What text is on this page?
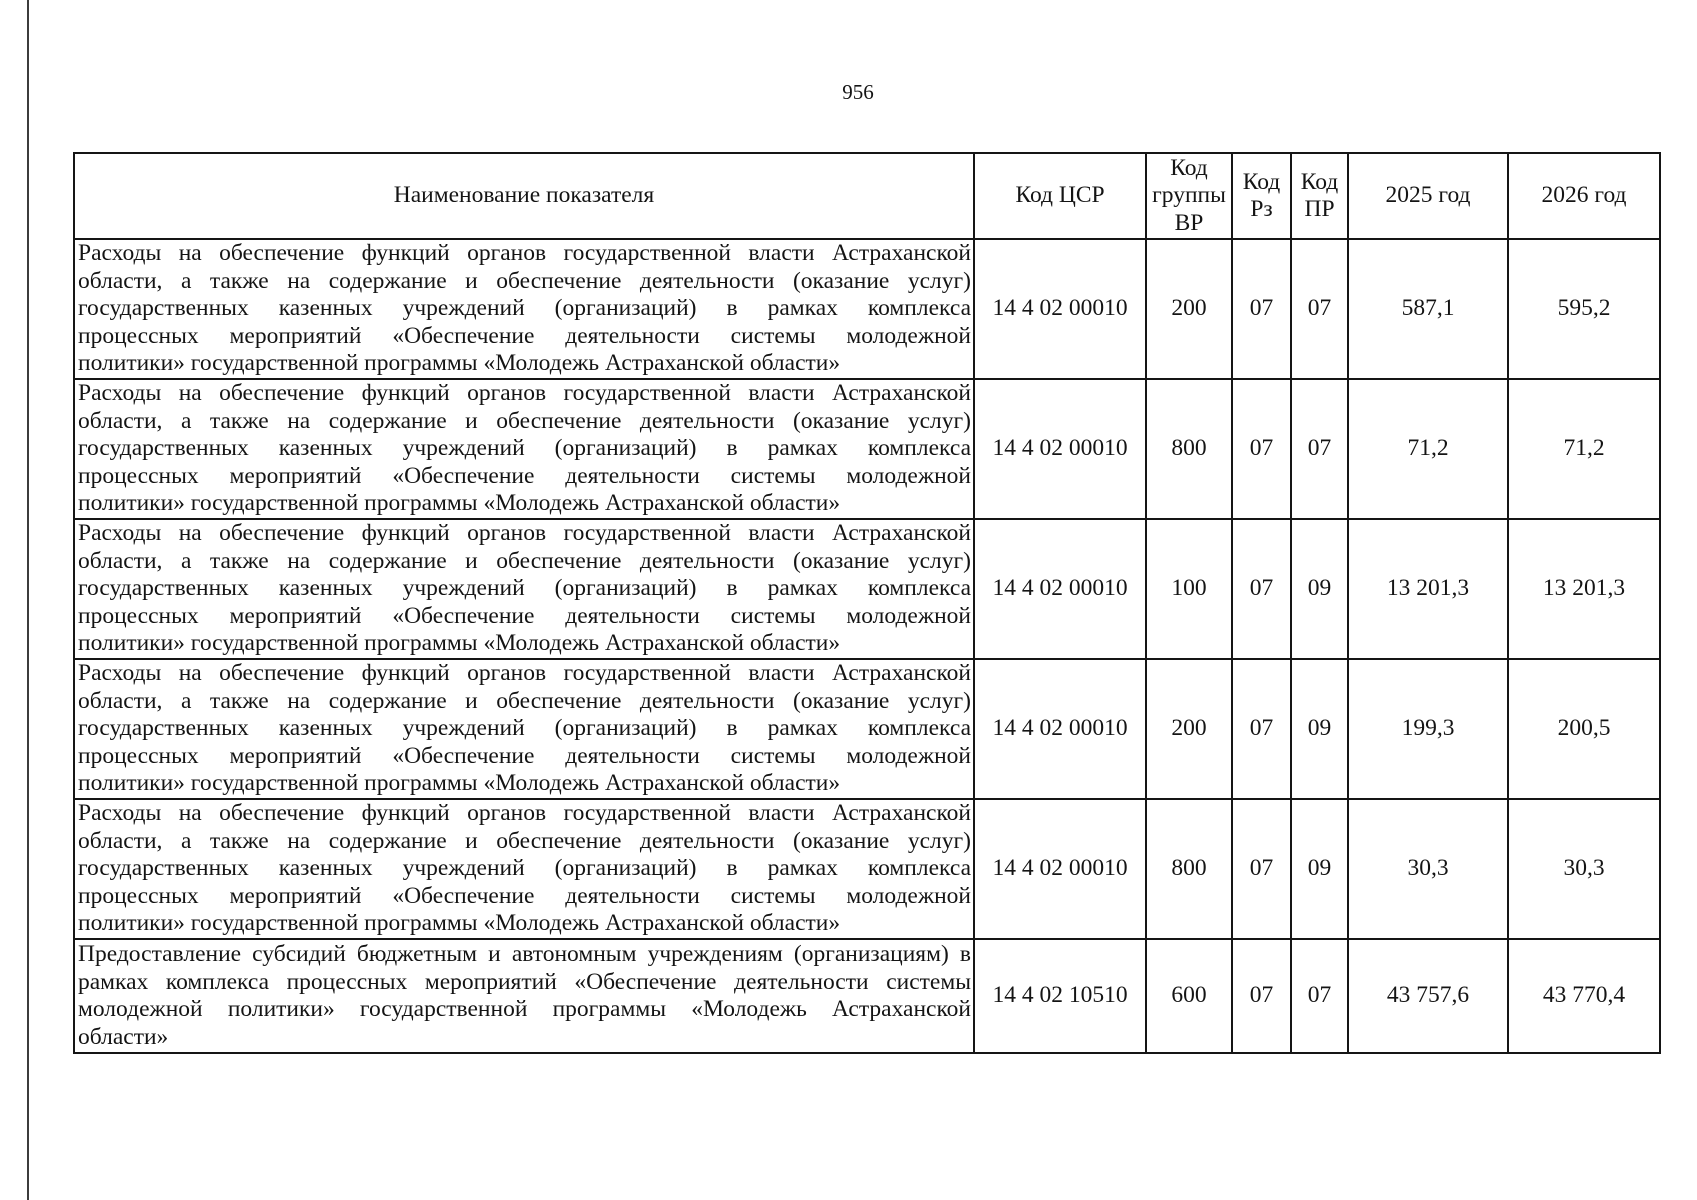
956
Наименование показателя	Код ЦСР	Код группы ВР	Код Рз	Код ПР	2025 год	2026 год

Расходы на обеспечение функций органов государственной власти Астраханской
области, а также на содержание и обеспечение деятельности (оказание услуг)
государственных казенных учреждений (организаций) в рамках комплекса
процессных мероприятий «Обеспечение деятельности системы молодежной
политики» государственной программы «Молодежь Астраханской области»	14 4 02 00010	200	07	07	587,1	595,2

Расходы на обеспечение функций органов государственной власти Астраханской
области, а также на содержание и обеспечение деятельности (оказание услуг)
государственных казенных учреждений (организаций) в рамках комплекса
процессных мероприятий «Обеспечение деятельности системы молодежной
политики» государственной программы «Молодежь Астраханской области»	14 4 02 00010	800	07	07	71,2	71,2

Расходы на обеспечение функций органов государственной власти Астраханской
области, а также на содержание и обеспечение деятельности (оказание услуг)
государственных казенных учреждений (организаций) в рамках комплекса
процессных мероприятий «Обеспечение деятельности системы молодежной
политики» государственной программы «Молодежь Астраханской области»	14 4 02 00010	100	07	09	13 201,3	13 201,3

Расходы на обеспечение функций органов государственной власти Астраханской
области, а также на содержание и обеспечение деятельности (оказание услуг)
государственных казенных учреждений (организаций) в рамках комплекса
процессных мероприятий «Обеспечение деятельности системы молодежной
политики» государственной программы «Молодежь Астраханской области»	14 4 02 00010	200	07	09	199,3	200,5

Расходы на обеспечение функций органов государственной власти Астраханской
области, а также на содержание и обеспечение деятельности (оказание услуг)
государственных казенных учреждений (организаций) в рамках комплекса
процессных мероприятий «Обеспечение деятельности системы молодежной
политики» государственной программы «Молодежь Астраханской области»	14 4 02 00010	800	07	09	30,3	30,3

Предоставление субсидий бюджетным и автономным учреждениям (организациям) в
рамках комплекса процессных мероприятий «Обеспечение деятельности системы
молодежной политики» государственной программы «Молодежь Астраханской
области»	14 4 02 10510	600	07	07	43 757,6	43 770,4
